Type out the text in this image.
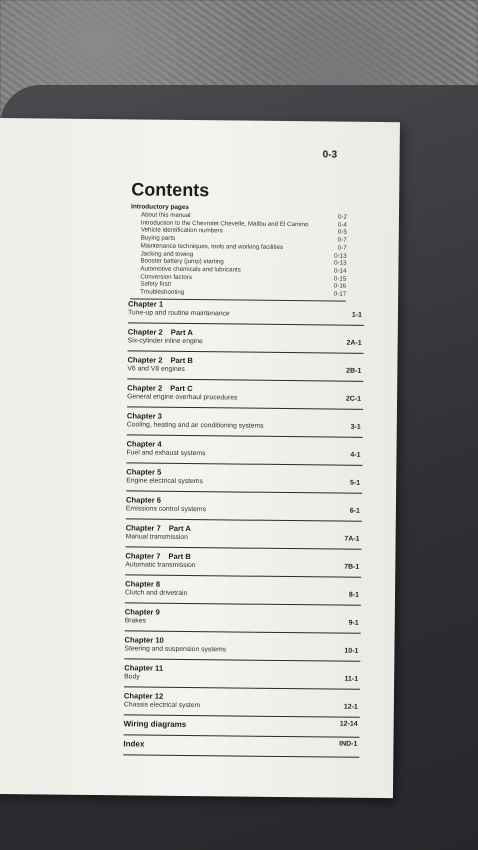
0-3
Contents
Introductory pages
About this manual	0-2
Introduction to the Chevrolet Chevelle, Malibu and El Camino	0-4
Vehicle identification numbers	0-5
Buying parts	0-7
Maintenance techniques, tools and working facilities	0-7
Jacking and towing	0-13
Booster battery (jump) starting	0-13
Automotive chemicals and lubricants	0-14
Conversion factors	0-15
Safety first!	0-16
Troubleshooting	0-17
Chapter 1
Tune-up and routine maintenance	1-1
Chapter 2 Part A
Six-cylinder inline engine	2A-1
Chapter 2 Part B
V6 and V8 engines	2B-1
Chapter 2 Part C
General engine overhaul procedures	2C-1
Chapter 3
Cooling, heating and air conditioning systems	3-1
Chapter 4
Fuel and exhaust systems	4-1
Chapter 5
Engine electrical systems	5-1
Chapter 6
Emissions control systems	6-1
Chapter 7 Part A
Manual transmission	7A-1
Chapter 7 Part B
Automatic transmission	7B-1
Chapter 8
Clutch and drivetrain	8-1
Chapter 9
Brakes	9-1
Chapter 10
Steering and suspension systems	10-1
Chapter 11
Body	11-1
Chapter 12
Chassis electrical system	12-1
Wiring diagrams	12-14
Index	IND-1
